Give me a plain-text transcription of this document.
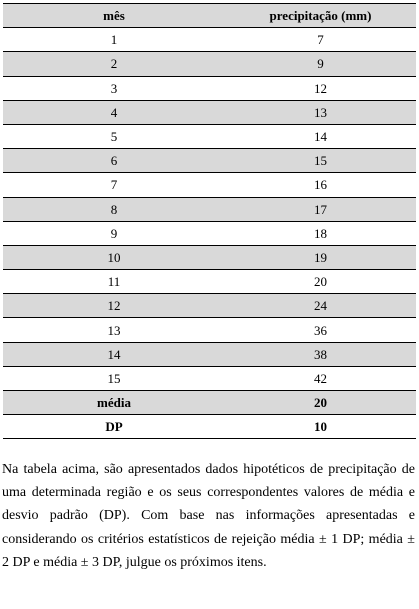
mês	precipitação (mm)
1	7
2	9
3	12
4	13
5	14
6	15
7	16
8	17
9	18
10	19
11	20
12	24
13	36
14	38
15	42
média	20
DP	10

Na tabela acima, são apresentados dados hipotéticos de precipitação de uma determinada região e os seus correspondentes valores de média e desvio padrão (DP). Com base nas informações apresentadas e considerando os critérios estatísticos de rejeição média ± 1 DP; média ± 2 DP e média ± 3 DP, julgue os próximos itens.
